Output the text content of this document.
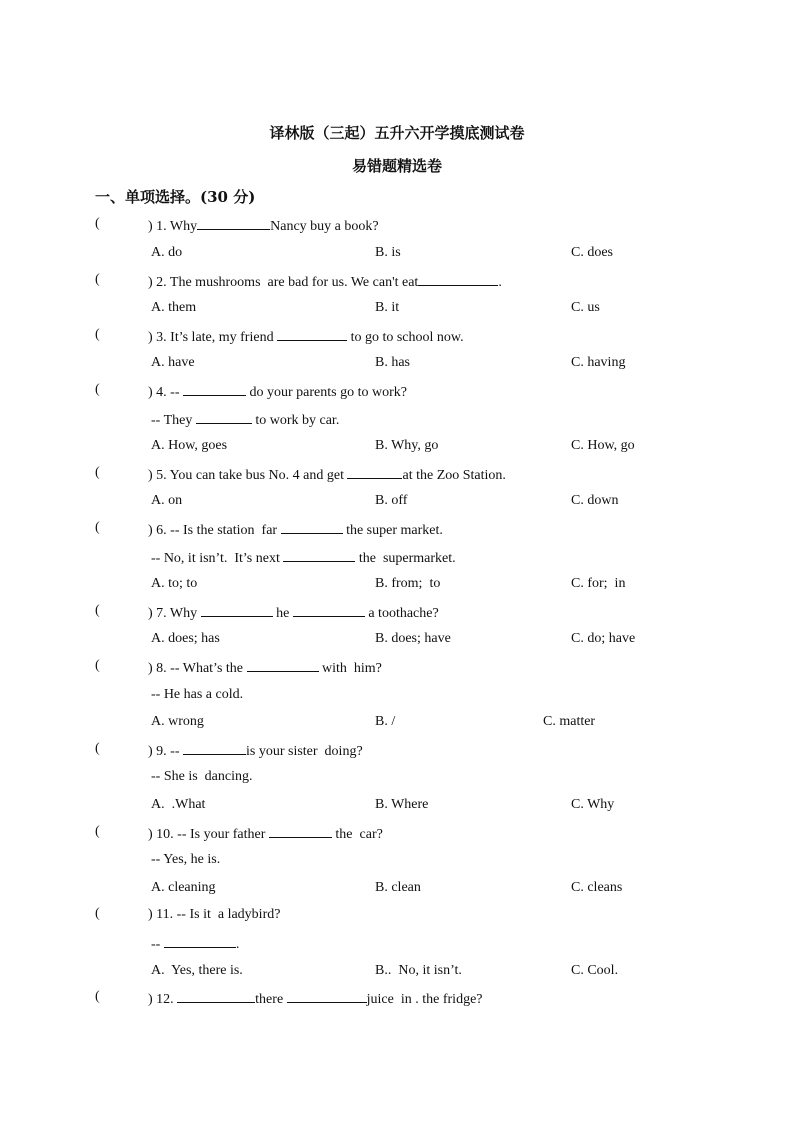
译林版（三起）五升六开学摸底测试卷
易错题精选卷
一、单项选择。(30 分)
(	) 1. Why	Nancy buy a book?
A. do	B. is	C. does
(	) 2. The mushrooms  are bad for us. We can't eat	.
A. them	B. it	C. us
(	) 3. It’s late, my friend	to go to school now.
A. have	B. has	C. having
(	) 4. --	do your parents go to work?
-- They	to work by car.
A. How, goes	B. Why, go	C. How, go
(	) 5. You can take bus No. 4 and get	at the Zoo Station.
A. on	B. off	C. down
(	) 6. -- Is the station  far	the super market.
-- No, it isn’t.  It’s next	the  supermarket.
A. to; to	B. from;  to	C. for;  in
(	) 7. Why	he	a toothache?
A. does; has	B. does; have	C. do; have
(	) 8. -- What’s the	with  him?
-- He has a cold.
A. wrong	B. /	C. matter
(	) 9. --	is your sister  doing?
-- She is  dancing.
A.  .What	B. Where	C. Why
(	) 10. -- Is your father	the  car?
-- Yes, he is.
A. cleaning	B. clean	C. cleans
(	) 11. -- Is it  a ladybird?
--	.
A.  Yes, there is.	B..  No, it isn’t.	C. Cool.
(	) 12.	there	juice  in . the fridge?
